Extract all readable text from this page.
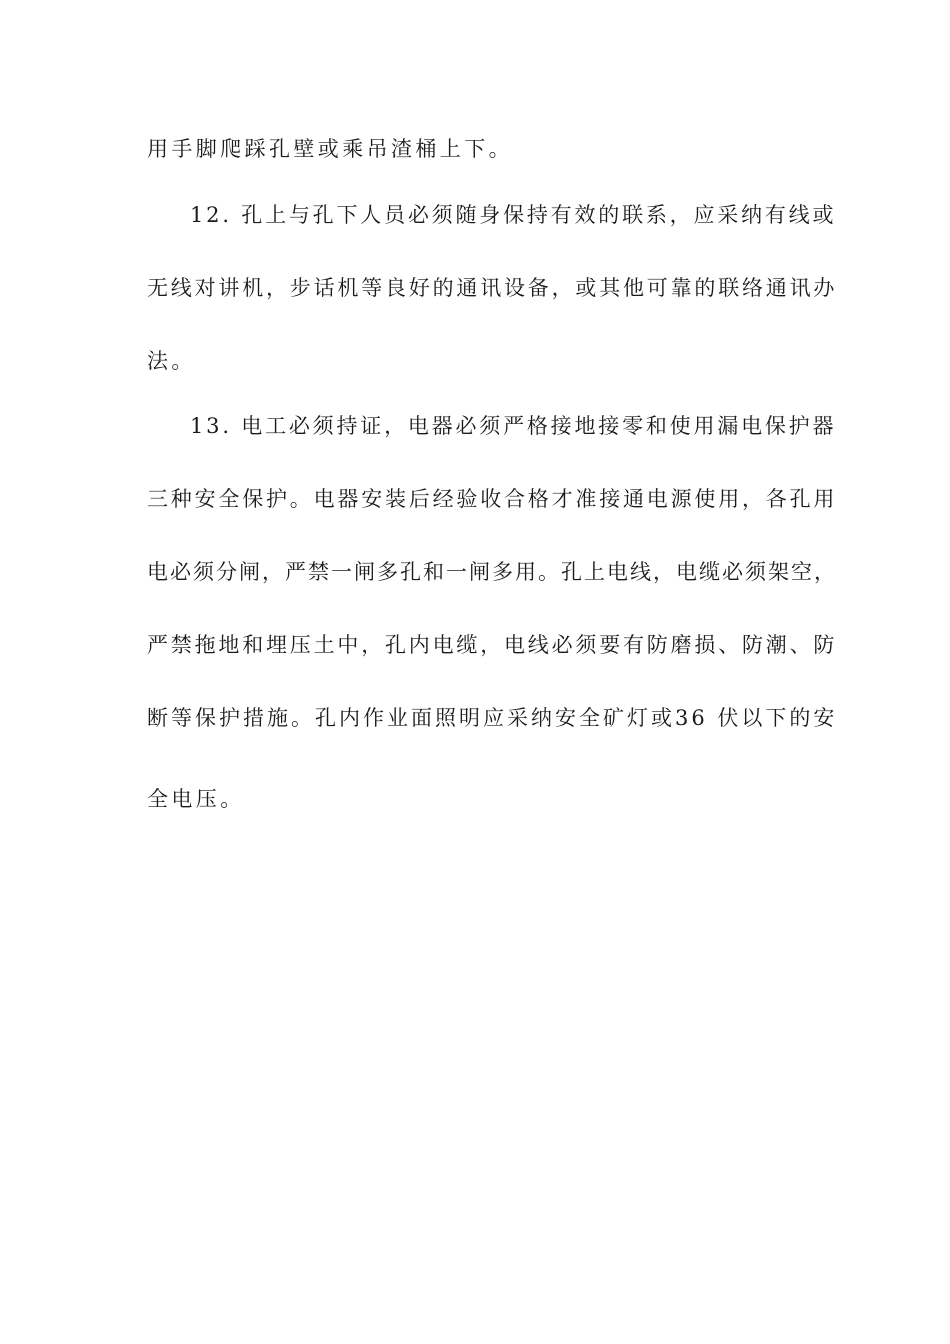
用手脚爬踩孔壁或乘吊渣桶上下。
12. 孔上与孔下人员必须随身保持有效的联系，应采纳有线或
无线对讲机，步话机等良好的通讯设备，或其他可靠的联络通讯办
法。
13. 电工必须持证，电器必须严格接地接零和使用漏电保护器
三种安全保护。电器安装后经验收合格才准接通电源使用，各孔用
电必须分闸，严禁一闸多孔和一闸多用。孔上电线，电缆必须架空，
严禁拖地和埋压土中，孔内电缆，电线必须要有防磨损、防潮、防
断等保护措施。孔内作业面照明应采纳安全矿灯或36 伏以下的安
全电压。
